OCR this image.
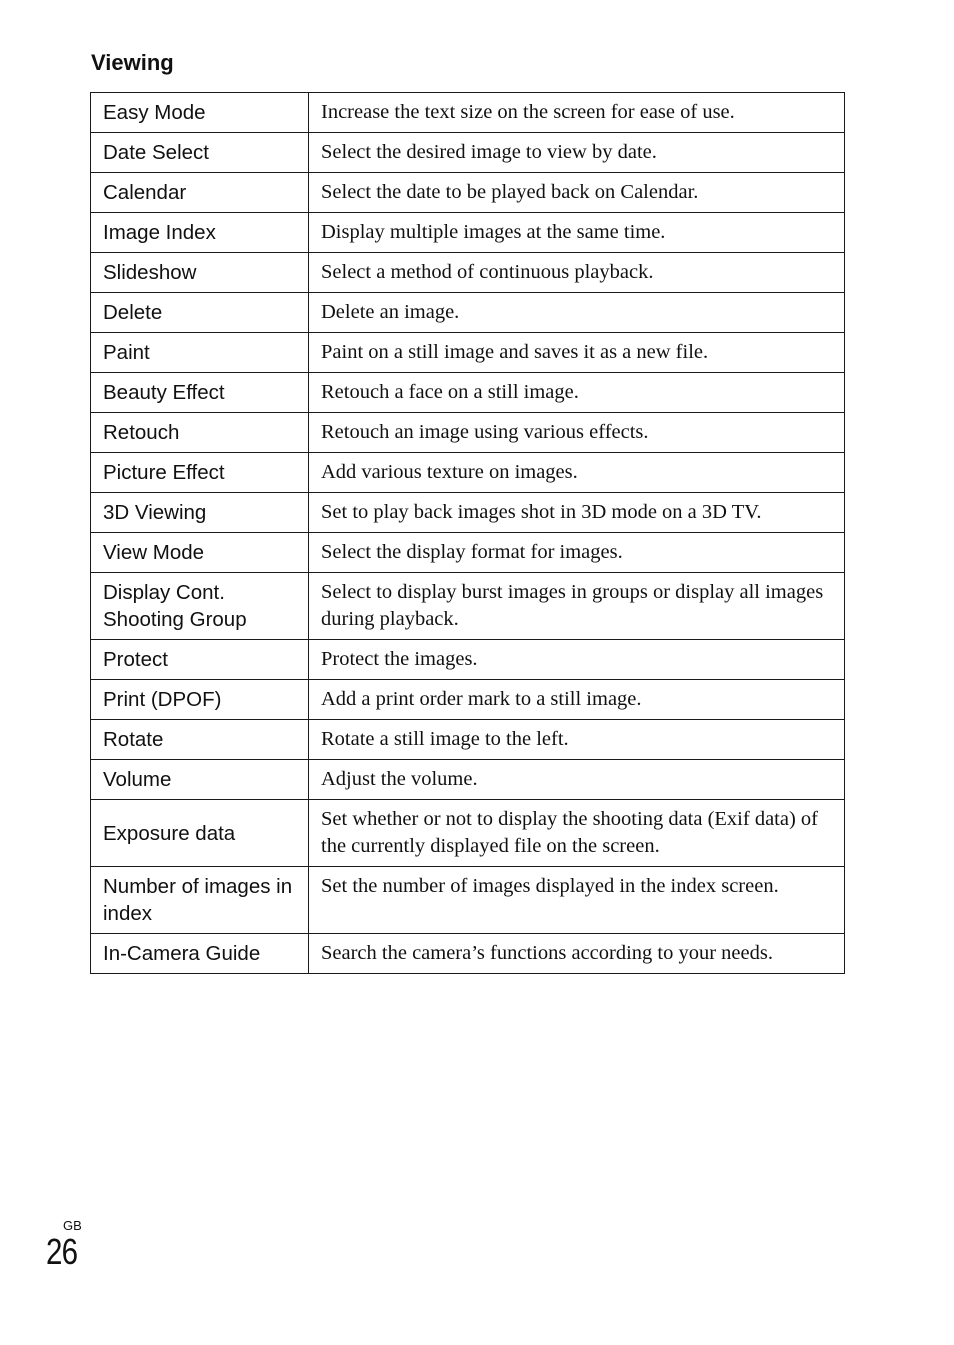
Viewing
Easy Mode	Increase the text size on the screen for ease of use.
Date Select	Select the desired image to view by date.
Calendar	Select the date to be played back on Calendar.
Image Index	Display multiple images at the same time.
Slideshow	Select a method of continuous playback.
Delete	Delete an image.
Paint	Paint on a still image and saves it as a new file.
Beauty Effect	Retouch a face on a still image.
Retouch	Retouch an image using various effects.
Picture Effect	Add various texture on images.
3D Viewing	Set to play back images shot in 3D mode on a 3D TV.
View Mode	Select the display format for images.
Display Cont. Shooting Group	Select to display burst images in groups or display all images during playback.
Protect	Protect the images.
Print (DPOF)	Add a print order mark to a still image.
Rotate	Rotate a still image to the left.
Volume	Adjust the volume.
Exposure data	Set whether or not to display the shooting data (Exif data) of the currently displayed file on the screen.
Number of images in index	Set the number of images displayed in the index screen.
In-Camera Guide	Search the camera’s functions according to your needs.
GB
26
